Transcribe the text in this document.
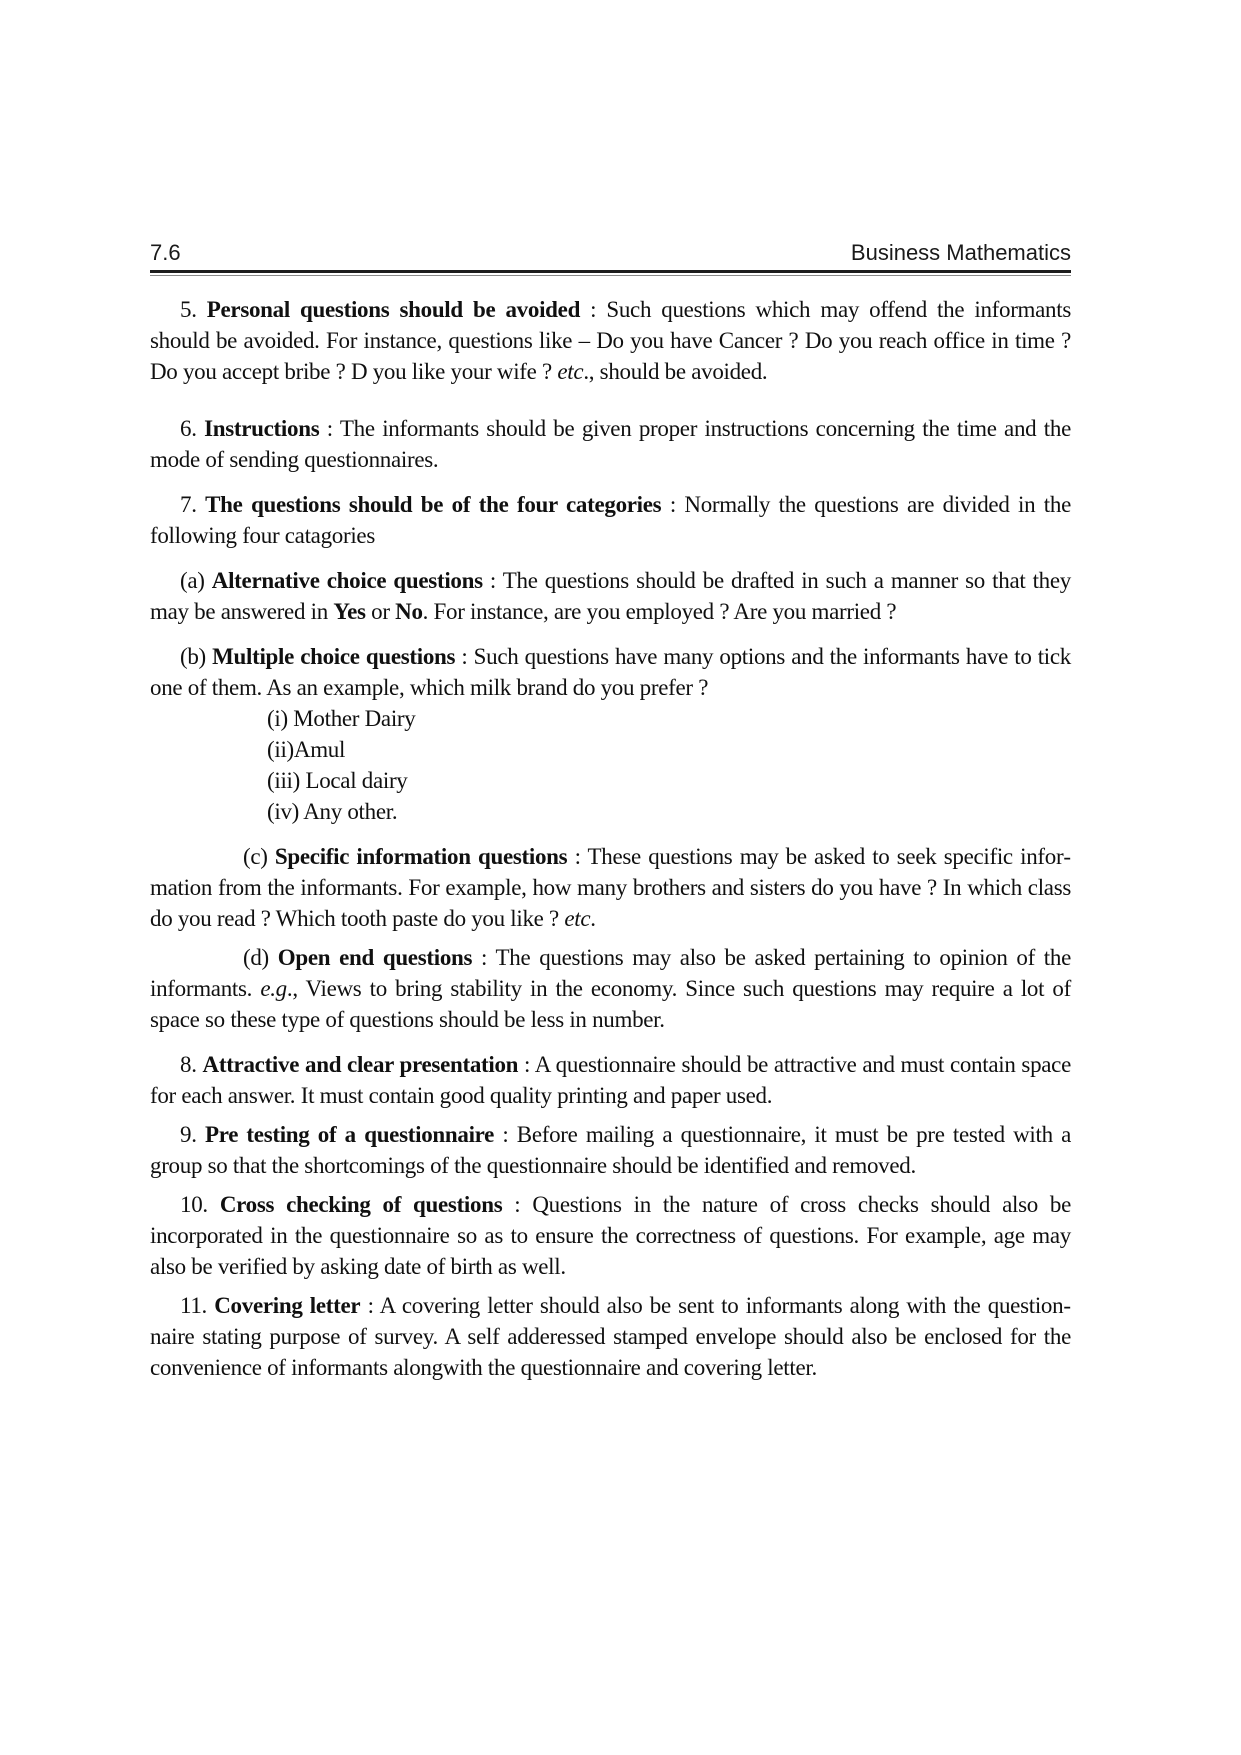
7.6	Business Mathematics

5. Personal questions should be avoided : Such questions which may offend the informants should be avoided. For instance, questions like – Do you have Cancer ? Do you reach office in time ? Do you accept bribe ? D you like your wife ? etc., should be avoided.

6. Instructions : The informants should be given proper instructions concerning the time and the mode of sending questionnaires.

7. The questions should be of the four categories : Normally the questions are divided in the following four catagories

(a) Alternative choice questions : The questions should be drafted in such a manner so that they may be answered in Yes or No. For instance, are you employed ? Are you married ?

(b) Multiple choice questions : Such questions have many options and the informants have to tick one of them. As an example, which milk brand do you prefer ?

(i) Mother Dairy
(ii)Amul
(iii) Local dairy
(iv) Any other.

(c) Specific information questions : These questions may be asked to seek specific information from the informants. For example, how many brothers and sisters do you have ? In which class do you read ? Which tooth paste do you like ? etc.

(d) Open end questions : The questions may also be asked pertaining to opinion of the informants. e.g., Views to bring stability in the economy. Since such questions may require a lot of space so these type of questions should be less in number.

8. Attractive and clear presentation : A questionnaire should be attractive and must contain space for each answer. It must contain good quality printing and paper used.

9. Pre testing of a questionnaire : Before mailing a questionnaire, it must be pre tested with a group so that the shortcomings of the questionnaire should be identified and removed.

10. Cross checking of questions : Questions in the nature of cross checks should also be incorporated in the questionnaire so as to ensure the correctness of questions. For example, age may also be verified by asking date of birth as well.

11. Covering letter : A covering letter should also be sent to informants along with the questionnaire stating purpose of survey. A self adderessed stamped envelope should also be enclosed for the convenience of informants alongwith the questionnaire and covering letter.
